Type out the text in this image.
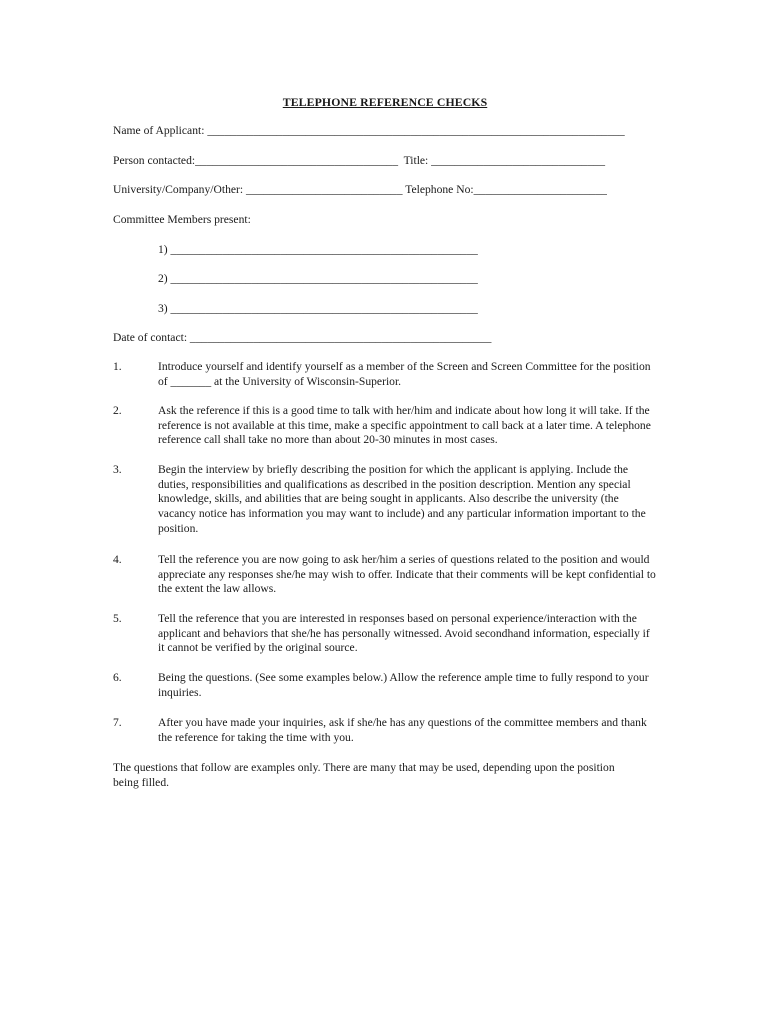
TELEPHONE REFERENCE CHECKS
Name of Applicant: ________________________________________________________________________
Person contacted:___________________________________  Title: ______________________________
University/Company/Other: ___________________________ Telephone No:_______________________
Committee Members present:
1) _____________________________________________________
2) _____________________________________________________
3) _____________________________________________________
Date of contact: ____________________________________________________
1.	Introduce yourself and identify yourself as a member of the Screen and Screen Committee for the position of _______ at the University of Wisconsin-Superior.
2.	Ask the reference if this is a good time to talk with her/him and indicate about how long it will take. If the reference is not available at this time, make a specific appointment to call back at a later time. A telephone reference call shall take no more than about 20-30 minutes in most cases.
3.	Begin the interview by briefly describing the position for which the applicant is applying. Include the duties, responsibilities and qualifications as described in the position description. Mention any special knowledge, skills, and abilities that are being sought in applicants. Also describe the university (the vacancy notice has information you may want to include) and any particular information important to the position.
4.	Tell the reference you are now going to ask her/him a series of questions related to the position and would appreciate any responses she/he may wish to offer. Indicate that their comments will be kept confidential to the extent the law allows.
5.	Tell the reference that you are interested in responses based on personal experience/interaction with the applicant and behaviors that she/he has personally witnessed. Avoid secondhand information, especially if it cannot be verified by the original source.
6.	Being the questions. (See some examples below.) Allow the reference ample time to fully respond to your inquiries.
7.	After you have made your inquiries, ask if she/he has any questions of the committee members and thank the reference for taking the time with you.
The questions that follow are examples only. There are many that may be used, depending upon the position being filled.
